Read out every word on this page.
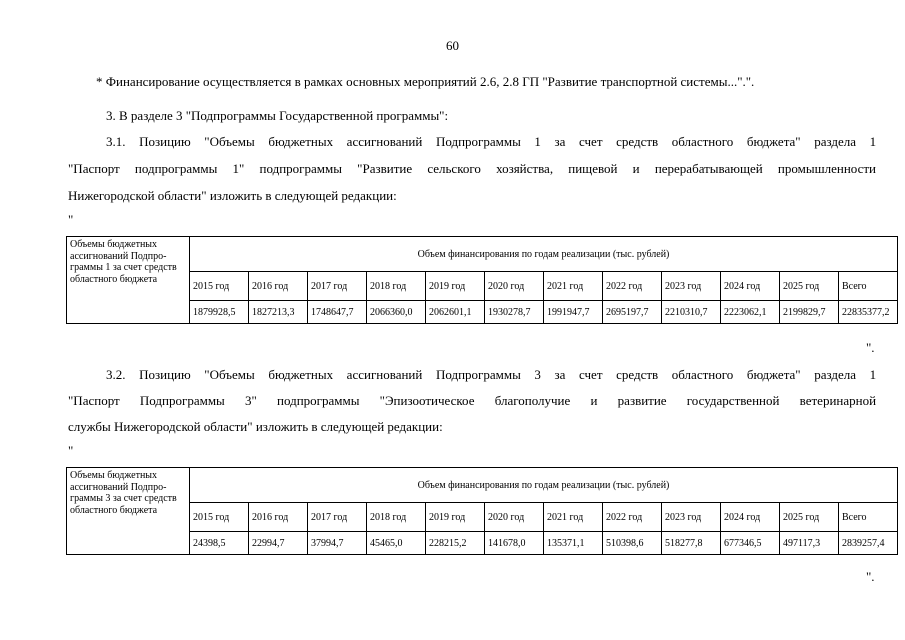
60
* Финансирование осуществляется в рамках основных мероприятий 2.6, 2.8 ГП "Развитие транспортной системы...".".
3. В разделе 3 "Подпрограммы Государственной программы":
3.1. Позицию "Объемы бюджетных ассигнований Подпрограммы 1 за счет средств областного бюджета" раздела 1
"Паспорт подпрограммы 1" подпрограммы "Развитие сельского хозяйства, пищевой и перерабатывающей промышленности
Нижегородской области" изложить в следующей редакции:
"
Объемы бюджетных ассигнований Подпро-граммы 1 за счет средств областного бюджета	Объем финансирования по годам реализации (тыс. рублей)											
	2015 год	2016 год	2017 год	2018 год	2019 год	2020 год	2021 год	2022 год	2023 год	2024 год	2025 год	Всего
	1879928,5	1827213,3	1748647,7	2066360,0	2062601,1	1930278,7	1991947,7	2695197,7	2210310,7	2223062,1	2199829,7	22835377,2
".
3.2. Позицию "Объемы бюджетных ассигнований Подпрограммы 3 за счет средств областного бюджета" раздела 1
"Паспорт Подпрограммы 3" подпрограммы "Эпизоотическое благополучие и развитие государственной ветеринарной
службы Нижегородской области" изложить в следующей редакции:
"
Объемы бюджетных ассигнований Подпро-граммы 3 за счет средств областного бюджета	Объем финансирования по годам реализации (тыс. рублей)											
	2015 год	2016 год	2017 год	2018 год	2019 год	2020 год	2021 год	2022 год	2023 год	2024 год	2025 год	Всего
	24398,5	22994,7	37994,7	45465,0	228215,2	141678,0	135371,1	510398,6	518277,8	677346,5	497117,3	2839257,4
".
